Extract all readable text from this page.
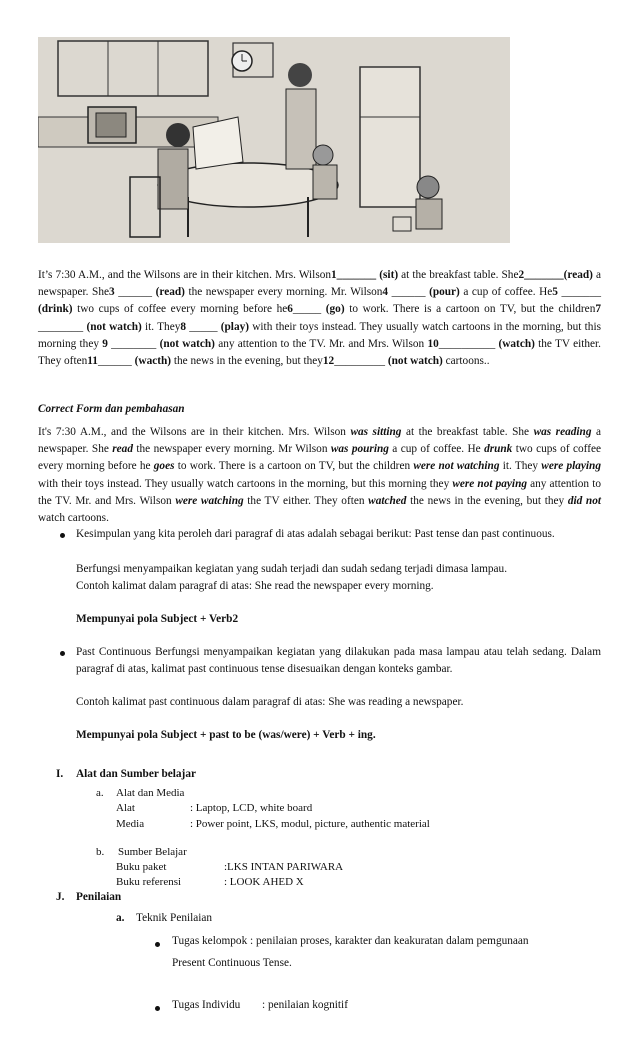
It’s 7:30 A.M., and the Wilsons are in their kitchen. Mrs. Wilson1_______ (sit) at the breakfast table. She2_______(read) a newspaper. She3 ______ (read) the newspaper every morning. Mr. Wilson4 ______ (pour) a cup of coffee. He5 _______ (drink) two cups of coffee every morning before he6_____ (go) to work. There is a cartoon on TV, but the children7 ________ (not watch) it. They8 _____ (play) with their toys instead. They usually watch cartoons in the morning, but this morning they 9 ________ (not watch) any attention to the TV. Mr. and Mrs. Wilson 10__________ (watch) the TV either. They often11______ (wacth) the news in the evening, but they12_________ (not watch) cartoons..
Correct Form dan pembahasan
It's 7:30 A.M., and the Wilsons are in their kitchen. Mrs. Wilson was sitting at the breakfast table. She was reading a newspaper. She read the newspaper every morning. Mr Wilson was pouring a cup of coffee. He drunk two cups of coffee every morning before he goes to work. There is a cartoon on TV, but the children were not watching it. They were playing with their toys instead. They usually watch cartoons in the morning, but this morning they were not paying any attention to the TV. Mr. and Mrs. Wilson were watching the TV either. They often watched the news in the evening, but they did not watch cartoons.
Kesimpulan yang kita peroleh dari paragraf di atas adalah sebagai berikut: Past tense dan past continuous.
Berfungsi menyampaikan kegiatan yang sudah terjadi dan sudah sedang terjadi dimasa lampau.
Contoh kalimat dalam paragraf di atas: She read the newspaper every morning.
Mempunyai pola Subject + Verb2
Past Continuous Berfungsi menyampaikan kegiatan yang dilakukan pada masa lampau atau telah sedang. Dalam paragraf di atas, kalimat past continuous tense disesuaikan dengan konteks gambar.
Contoh kalimat past continuous dalam paragraf di atas: She was reading a newspaper.
Mempunyai pola Subject + past to be (was/were) + Verb + ing.
I. Alat dan Sumber belajar
a. Alat dan Media
Alat	: Laptop, LCD, white board
Media	: Power point, LKS, modul, picture, authentic material
b. Sumber Belajar
Buku paket	:LKS INTAN PARIWARA
Buku referensi	: LOOK AHED X
J. Penilaian
a. Teknik Penilaian
Tugas kelompok : penilaian proses, karakter dan keakuratan dalam pemgunaan
Present Continuous Tense.
Tugas Individu : penilaian kognitif
